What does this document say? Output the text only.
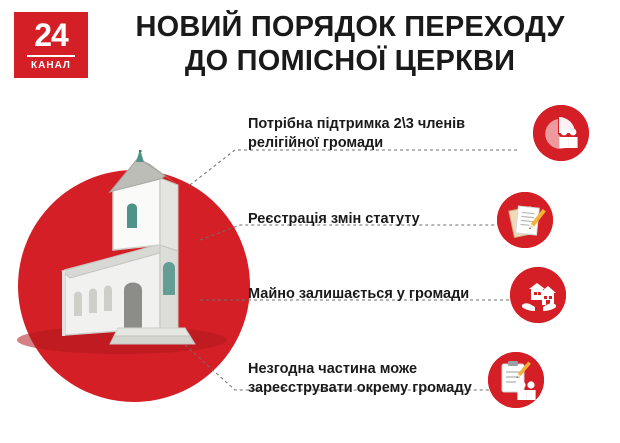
24
КАНАЛ
НОВИЙ ПОРЯДОК ПЕРЕХОДУ
ДО ПОМІСНОЇ ЦЕРКВИ
Потрібна підтримка 2\3 членів релігійної громади
Реєстрація змін статуту
Майно залишається у громади
Незгодна частина може зареєструвати окрему громаду
